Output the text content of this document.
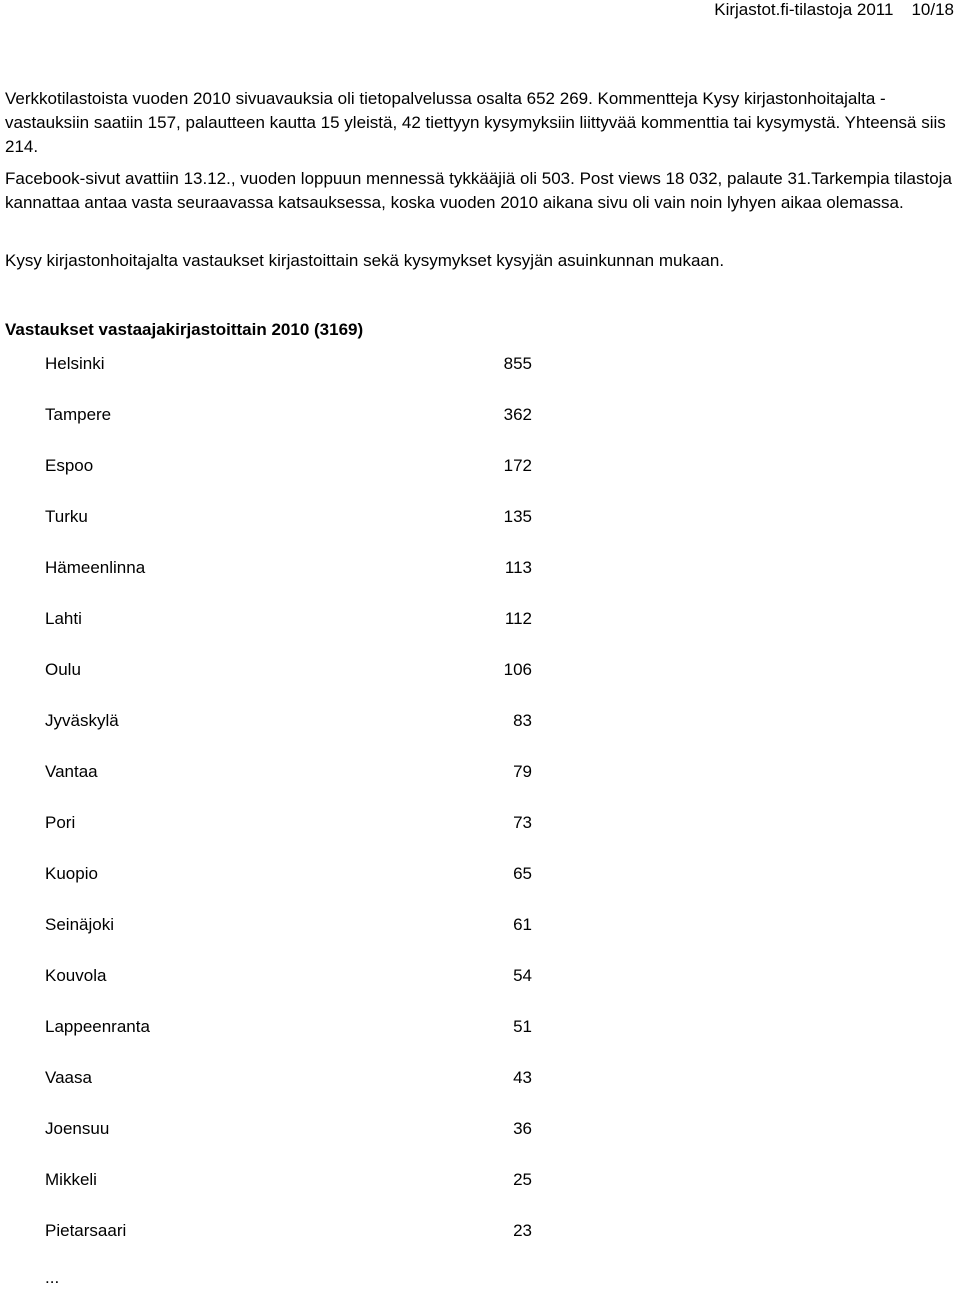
Kirjastot.fi-tilastoja 2011 10/18

Verkkotilastoista vuoden 2010 sivuavauksia oli tietopalvelussa osalta 652 269. Kommentteja Kysy kirjastonhoitajalta -vastauksiin saatiin 157, palautteen kautta 15 yleistä, 42 tiettyyn kysymyksiin liittyvää kommenttia tai kysymystä. Yhteensä siis 214.

Facebook-sivut avattiin 13.12., vuoden loppuun mennessä tykkääjiä oli 503. Post views 18 032, palaute 31.Tarkempia tilastoja kannattaa antaa vasta seuraavassa katsauksessa, koska vuoden 2010 aikana sivu oli vain noin lyhyen aikaa olemassa.

Kysy kirjastonhoitajalta vastaukset kirjastoittain sekä kysymykset kysyjän asuinkunnan mukaan.

Vastaukset vastaajakirjastoittain 2010 (3169)
Helsinki	855
Tampere	362
Espoo	172
Turku	135
Hämeenlinna	113
Lahti	112
Oulu	106
Jyväskylä	83
Vantaa	79
Pori	73
Kuopio	65
Seinäjoki	61
Kouvola	54
Lappeenranta	51
Vaasa	43
Joensuu	36
Mikkeli	25
Pietarsaari	23
...
